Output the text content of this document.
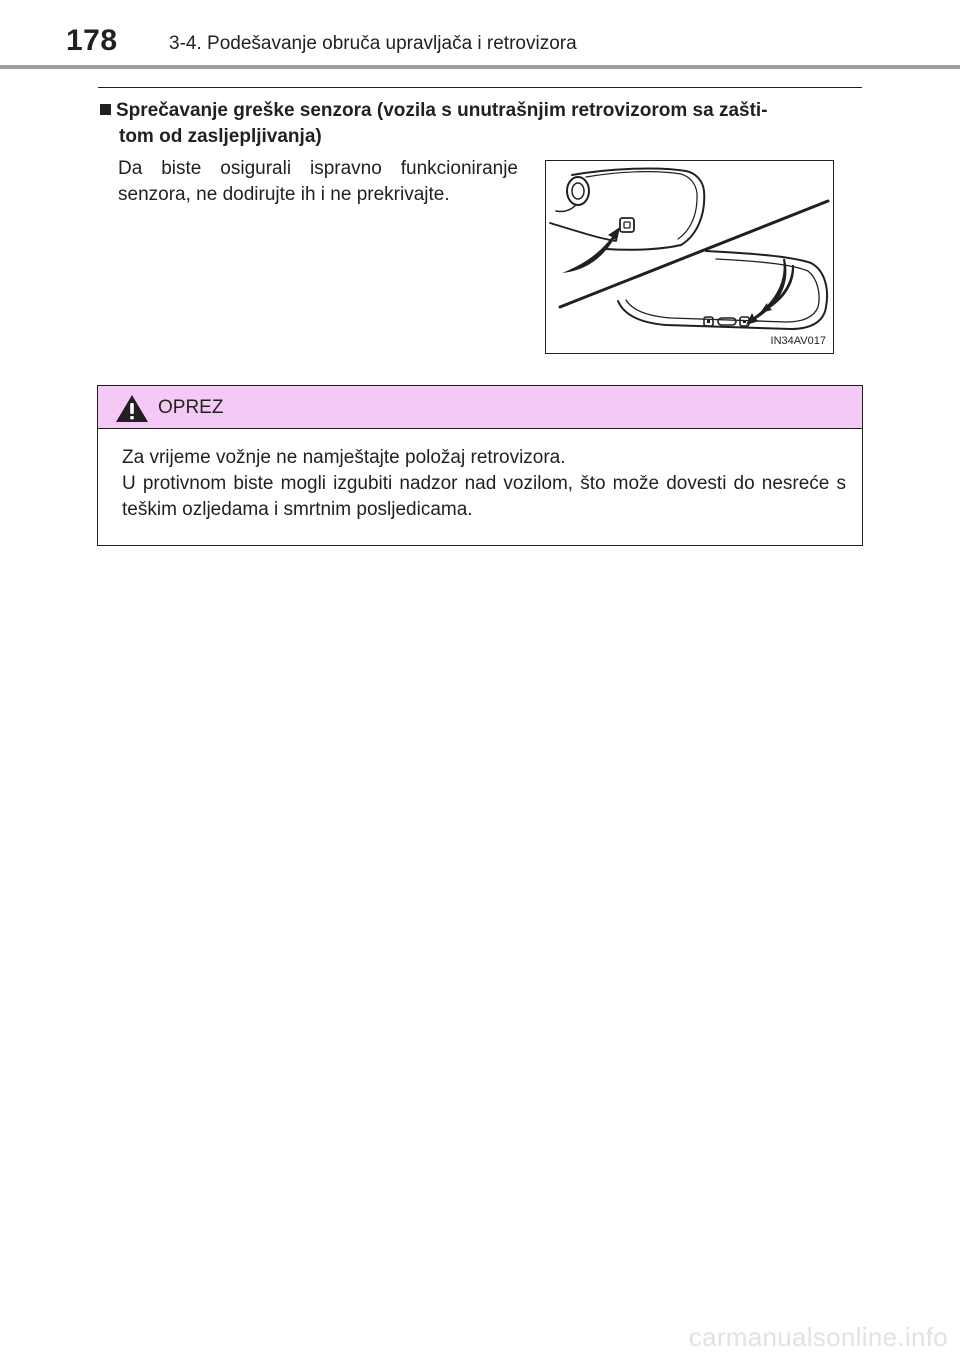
178	3-4. Podešavanje obruča upravljača i retrovizora
Sprečavanje greške senzora (vozila s unutrašnjim retrovizorom sa zašti-
tom od zasljepljivanja)
Da biste osigurali ispravno funkcioniranje senzora, ne dodirujte ih i ne prekrivajte.
IN34AV017
OPREZ
Za vrijeme vožnje ne namještajte položaj retrovizora.
U protivnom biste mogli izgubiti nadzor nad vozilom, što može dovesti do nesreće s teškim ozljedama i smrtnim posljedicama.
carmanualsonline.info
